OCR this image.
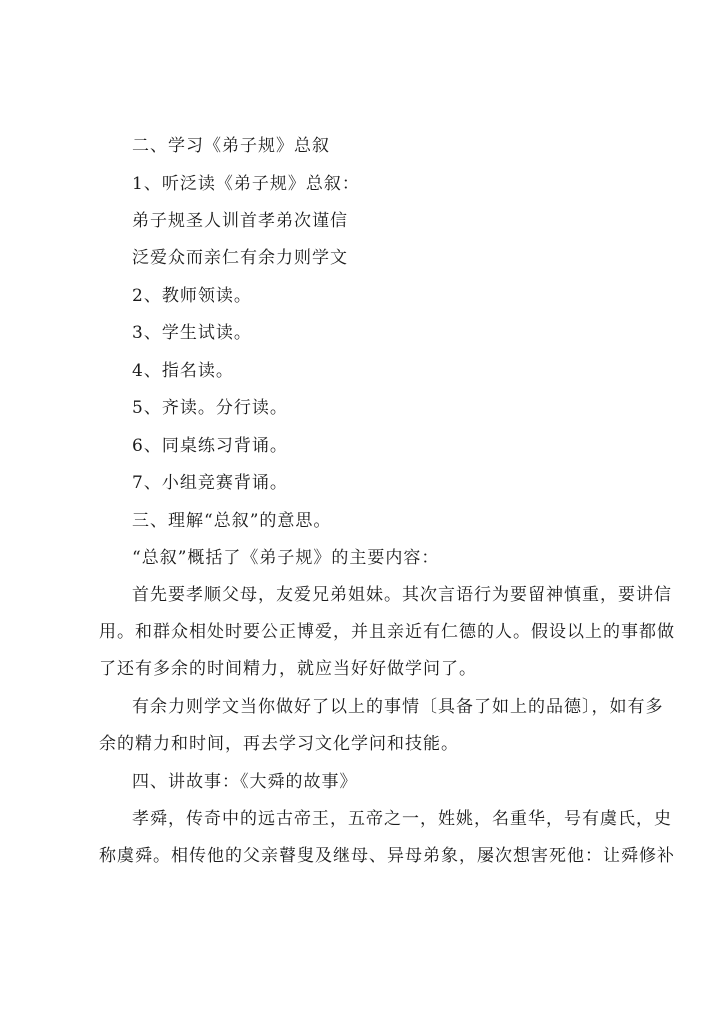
二、学习《弟子规》总叙
1、听泛读《弟子规》总叙：
弟子规圣人训首孝弟次谨信
泛爱众而亲仁有余力则学文
2、教师领读。
3、学生试读。
4、指名读。
5、齐读。分行读。
6、同桌练习背诵。
7、小组竞赛背诵。
三、理解“总叙”的意思。
“总叙”概括了《弟子规》的主要内容：
首先要孝顺父母，友爱兄弟姐妹。其次言语行为要留神慎重，要讲信
用。和群众相处时要公正博爱，并且亲近有仁德的人。假设以上的事都做
了还有多余的时间精力，就应当好好做学问了。
有余力则学文当你做好了以上的事情〔具备了如上的品德〕，如有多
余的精力和时间，再去学习文化学问和技能。
四、讲故事：《大舜的故事》
孝舜，传奇中的远古帝王，五帝之一，姓姚，名重华，号有虞氏，史
称虞舜。相传他的父亲瞽叟及继母、异母弟象，屡次想害死他：让舜修补
